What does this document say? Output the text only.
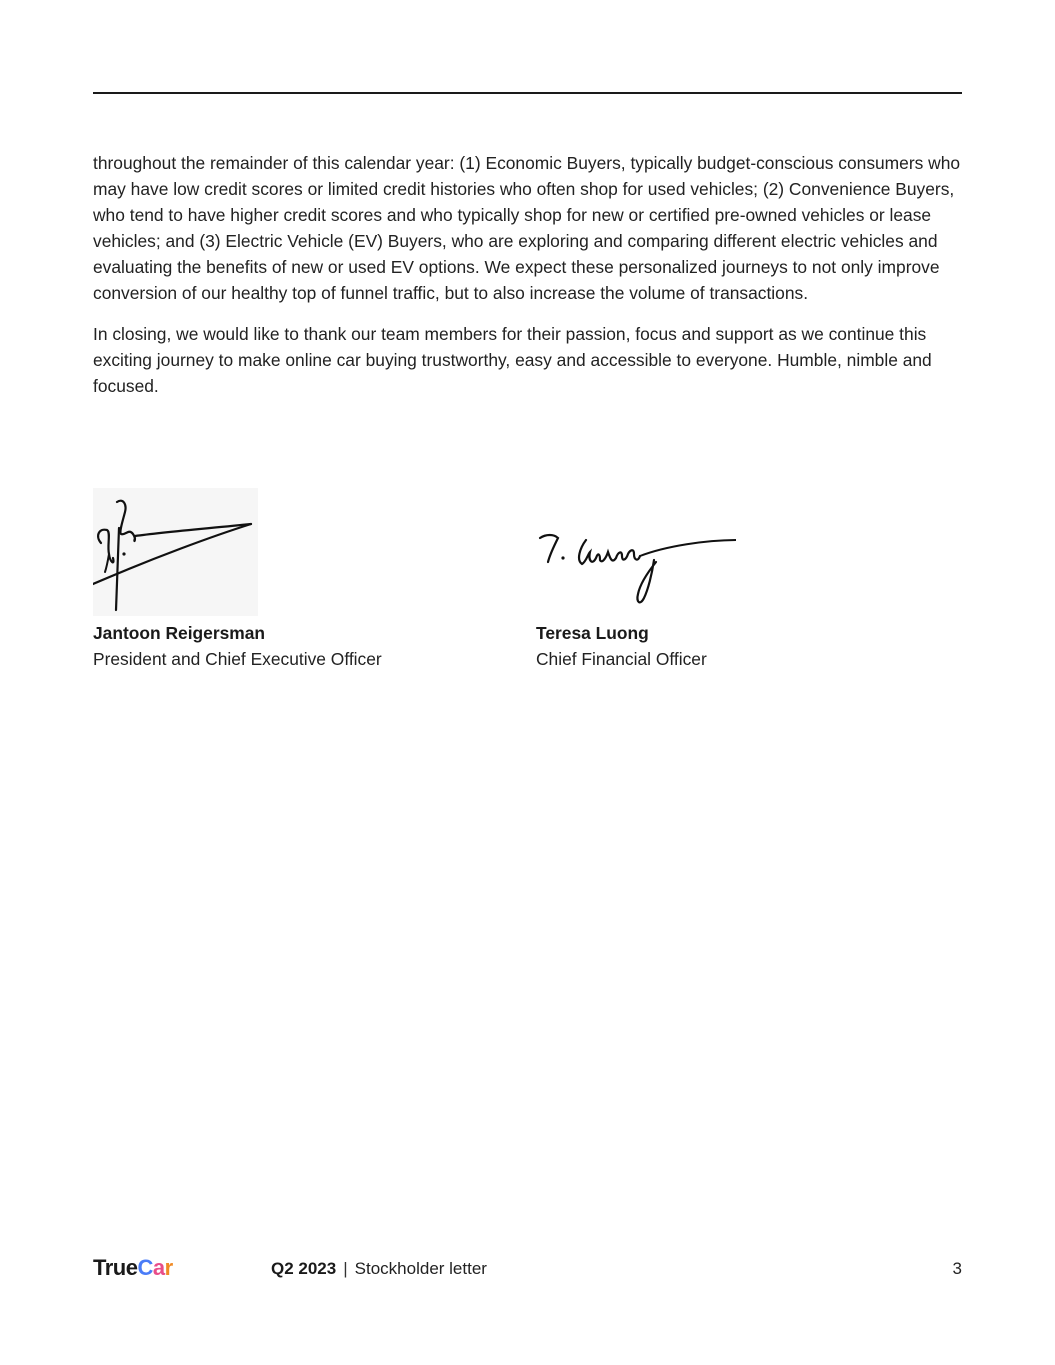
throughout the remainder of this calendar year: (1) Economic Buyers, typically budget-conscious consumers who may have low credit scores or limited credit histories who often shop for used vehicles; (2) Convenience Buyers, who tend to have higher credit scores and who typically shop for new or certified pre-owned vehicles or lease vehicles; and (3) Electric Vehicle (EV) Buyers, who are exploring and comparing different electric vehicles and evaluating the benefits of new or used EV options. We expect these personalized journeys to not only improve conversion of our healthy top of funnel traffic, but to also increase the volume of transactions.

In closing, we would like to thank our team members for their passion, focus and support as we continue this exciting journey to make online car buying trustworthy, easy and accessible to everyone. Humble, nimble and focused.

Jantoon Reigersman
President and Chief Executive Officer
Teresa Luong
Chief Financial Officer
TrueCar	Q2 2023 | Stockholder letter	3
